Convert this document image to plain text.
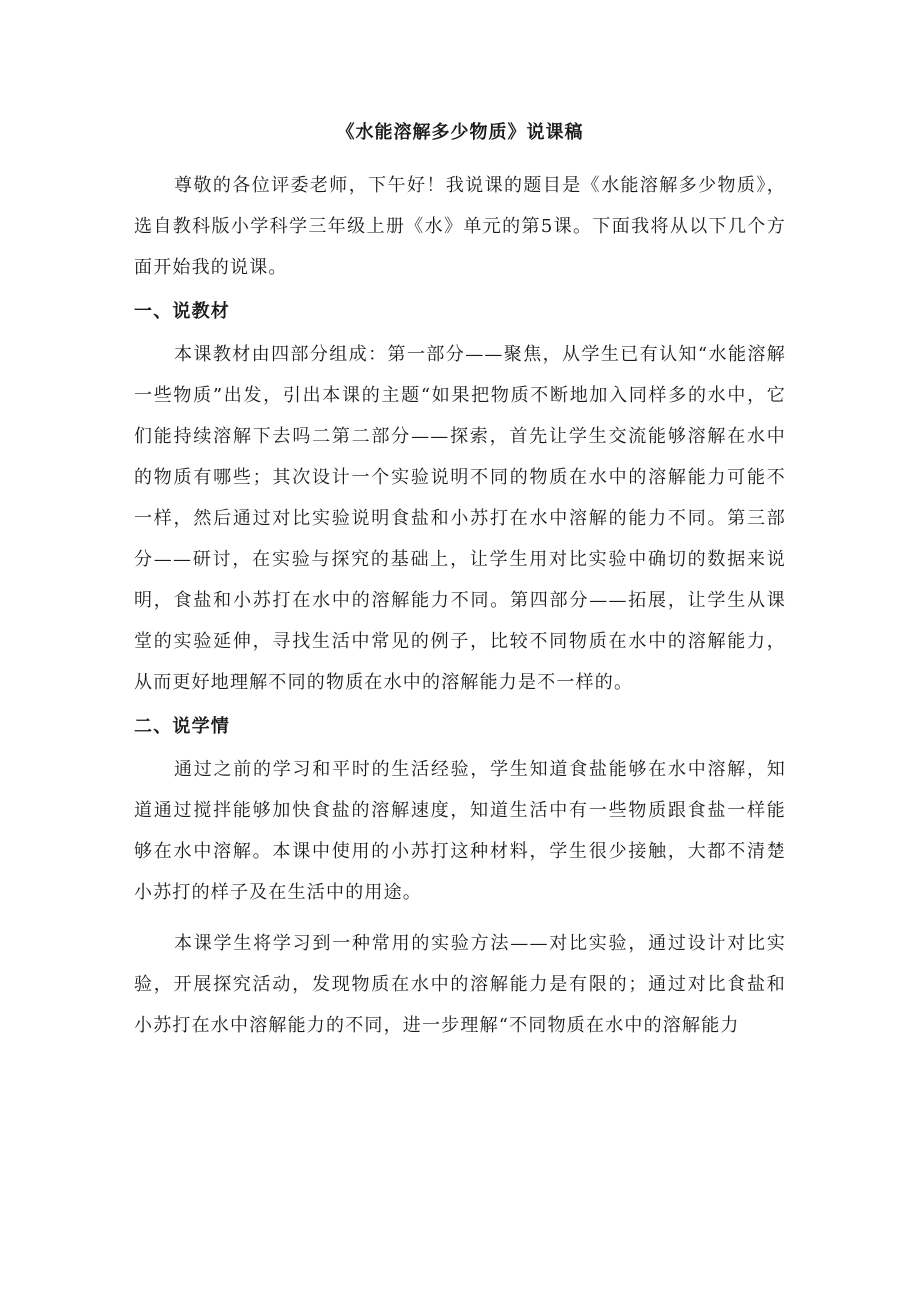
《水能溶解多少物质》说课稿

尊敬的各位评委老师，下午好！我说课的题目是《水能溶解多少物质》，选自教科版小学科学三年级上册《水》单元的第5课。下面我将从以下几个方面开始我的说课。

一、说教材

本课教材由四部分组成：第一部分——聚焦，从学生已有认知“水能溶解一些物质”出发，引出本课的主题“如果把物质不断地加入同样多的水中，它们能持续溶解下去吗二第二部分——探索，首先让学生交流能够溶解在水中的物质有哪些；其次设计一个实验说明不同的物质在水中的溶解能力可能不一样，然后通过对比实验说明食盐和小苏打在水中溶解的能力不同。第三部分——研讨，在实验与探究的基础上，让学生用对比实验中确切的数据来说明，食盐和小苏打在水中的溶解能力不同。第四部分——拓展，让学生从课堂的实验延伸，寻找生活中常见的例子，比较不同物质在水中的溶解能力，从而更好地理解不同的物质在水中的溶解能力是不一样的。

二、说学情

通过之前的学习和平时的生活经验，学生知道食盐能够在水中溶解，知道通过搅拌能够加快食盐的溶解速度，知道生活中有一些物质跟食盐一样能够在水中溶解。本课中使用的小苏打这种材料，学生很少接触，大都不清楚小苏打的样子及在生活中的用途。

本课学生将学习到一种常用的实验方法——对比实验，通过设计对比实验，开展探究活动，发现物质在水中的溶解能力是有限的；通过对比食盐和小苏打在水中溶解能力的不同，进一步理解“不同物质在水中的溶解能力
